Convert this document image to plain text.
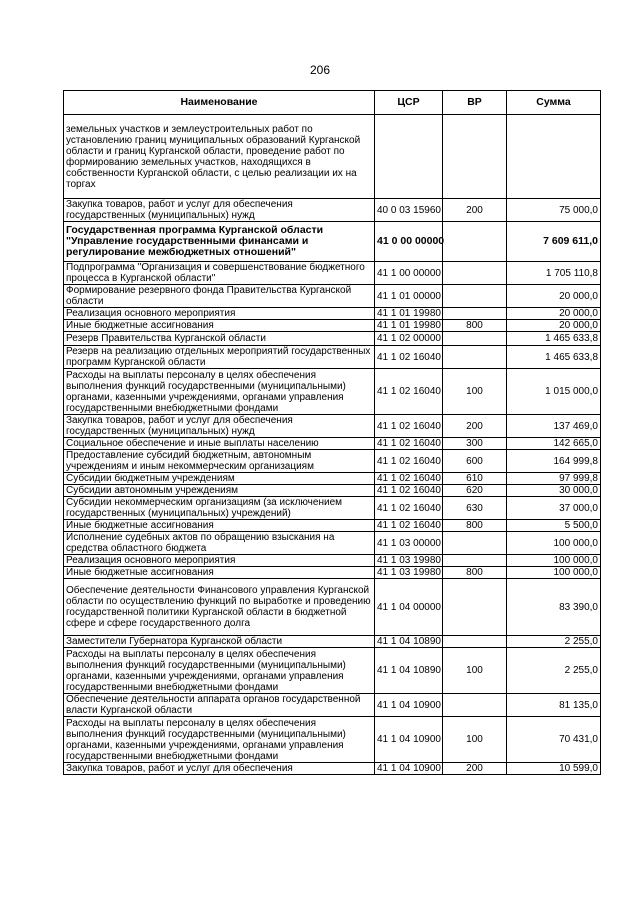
206
Наименование	ЦСР	ВР	Сумма
земельных участков и землеустроительных работ по установлению границ муниципальных образований Курганской области и границ Курганской области, проведение работ по формированию земельных участков, находящихся в собственности Курганской области, с целью реализации их на торгах			
Закупка товаров, работ и услуг для обеспечения государственных (муниципальных) нужд	40 0 03 15960	200	75 000,0
Государственная программа Курганской области "Управление государственными финансами и регулирование межбюджетных отношений"	41 0 00 00000		7 609 611,0
Подпрограмма "Организация и совершенствование бюджетного процесса в Курганской области"	41 1 00 00000		1 705 110,8
Формирование резервного фонда Правительства Курганской области	41 1 01 00000		20 000,0
Реализация основного мероприятия	41 1 01 19980		20 000,0
Иные бюджетные ассигнования	41 1 01 19980	800	20 000,0
Резерв Правительства Курганской области	41 1 02 00000		1 465 633,8
Резерв на реализацию отдельных мероприятий государственных программ Курганской области	41 1 02 16040		1 465 633,8
Расходы на выплаты персоналу в целях обеспечения выполнения функций государственными (муниципальными) органами, казенными учреждениями, органами управления государственными внебюджетными фондами	41 1 02 16040	100	1 015 000,0
Закупка товаров, работ и услуг для обеспечения государственных (муниципальных) нужд	41 1 02 16040	200	137 469,0
Социальное обеспечение и иные выплаты населению	41 1 02 16040	300	142 665,0
Предоставление субсидий бюджетным, автономным учреждениям и иным некоммерческим организациям	41 1 02 16040	600	164 999,8
Субсидии бюджетным учреждениям	41 1 02 16040	610	97 999,8
Субсидии автономным учреждениям	41 1 02 16040	620	30 000,0
Субсидии некоммерческим организациям (за исключением государственных (муниципальных) учреждений)	41 1 02 16040	630	37 000,0
Иные бюджетные ассигнования	41 1 02 16040	800	5 500,0
Исполнение судебных актов по обращению взыскания на средства областного бюджета	41 1 03 00000		100 000,0
Реализация основного мероприятия	41 1 03 19980		100 000,0
Иные бюджетные ассигнования	41 1 03 19980	800	100 000,0
Обеспечение деятельности Финансового управления Курганской области по осуществлению функций по выработке и проведению государственной политики Курганской области в бюджетной сфере и сфере государственного долга	41 1 04 00000		83 390,0
Заместители Губернатора Курганской области	41 1 04 10890		2 255,0
Расходы на выплаты персоналу в целях обеспечения выполнения функций государственными (муниципальными) органами, казенными учреждениями, органами управления государственными внебюджетными фондами	41 1 04 10890	100	2 255,0
Обеспечение деятельности аппарата органов государственной власти Курганской области	41 1 04 10900		81 135,0
Расходы на выплаты персоналу в целях обеспечения выполнения функций государственными (муниципальными) органами, казенными учреждениями, органами управления государственными внебюджетными фондами	41 1 04 10900	100	70 431,0
Закупка товаров, работ и услуг для обеспечения	41 1 04 10900	200	10 599,0
